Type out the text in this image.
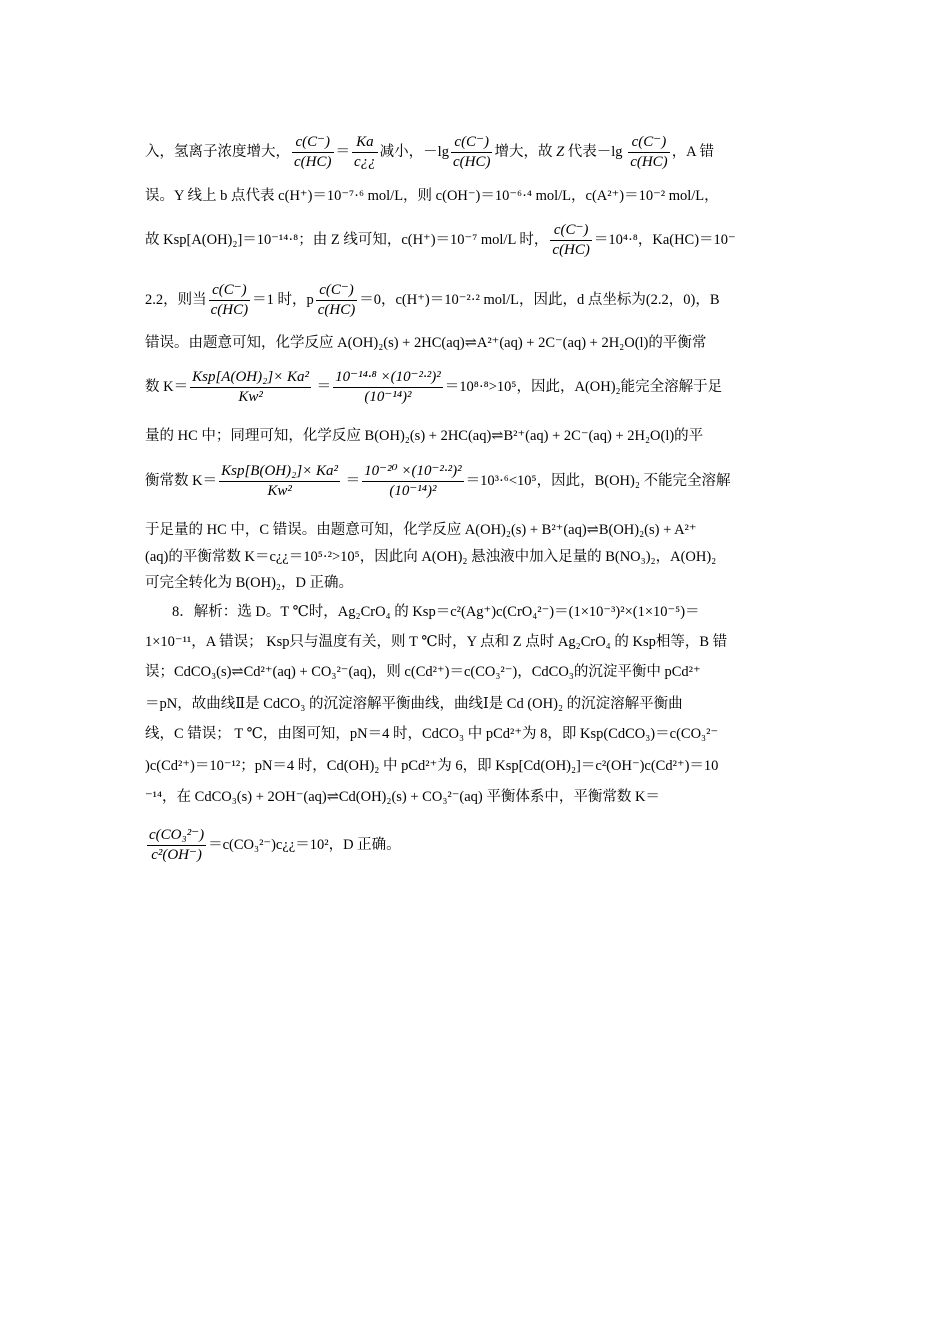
入，氢离子浓度增大， $\frac{c(C^-)}{c(HC)} = \frac{Ka}{c¿¿}$ 减小，$-\lg \frac{c(C^-)}{c(HC)}$ 增大，故 Z 代表$-\lg \frac{c(C^-)}{c(HC)}$ ，A 错
误。Y 线上 b 点代表 c(H⁺)＝10⁻⁷·⁶ mol/L，则 c(OH⁻)＝10⁻⁶·⁴ mol/L，c(A²⁺)＝10⁻² mol/L，
故 Ksp[A(OH)₂]＝10⁻¹⁴·⁸；由 Z 线可知，c(H⁺)＝10⁻⁷ mol/L 时， $\frac{c(C^-)}{c(HC)} =10^4\cdot^8$，Ka(HC)＝10⁻
2.2，则当 $\frac{c(C^-)}{c(HC)} =1$ 时，p $\frac{c(C^-)}{c(HC)} =0$，c(H⁺)＝10⁻²·² mol/L，因此，d 点坐标为(2.2，0)，B
错误。由题意可知，化学反应 A(OH)₂(s) + 2HC(aq)⇌A²⁺(aq) + 2C⁻(aq) + 2H₂O(l)的平衡常
数 $K= \frac{\text{Ksp[A(OH)₂]× Ka²}}{\text{Kw²}} = \frac{\text{10⁻¹⁴·⁸ ×(10⁻²·²)²}}{\text{(10⁻¹⁴)²}} =10^8\cdot^8>10^5$，因此，A(OH)₂能完全溶解于足
量的 HC 中；同理可知，化学反应 B(OH)₂(s) + 2HC(aq)⇌B²⁺(aq) + 2C⁻(aq) + 2H₂O(l)的平
衡常数 $K= \frac{\text{Ksp[B(OH)₂]× Ka²}}{\text{Kw²}} = \frac{\text{10⁻²⁰ ×(10⁻²·²)²}}{\text{(10⁻¹⁴)²}} =10^3\cdot^6<10^5$，因此，B(OH)₂ 不能完全溶解
于足量的 HC 中，C 错误。由题意可知，化学反应 A(OH)₂(s) + B²⁺(aq)⇌B(OH)₂(s) + A²⁺
(aq)的平衡常数 K＝c¿¿＝10⁵·²>10⁵，因此向 A(OH)₂ 悬浊液中加入足量的 B(NO₃)₂，A(OH)₂
可完全转化为 B(OH)₂，D 正确。
8．解析：选 D。T ℃时，Ag₂CrO₄ 的 Ksp＝c²(Ag⁺)c(CrO₄²⁻)＝(1×10⁻³)²×(1×10⁻⁵)＝
1×10⁻¹¹，A 错误； Ksp只与温度有关，则 T ℃时，Y 点和 Z 点时 Ag₂CrO₄ 的 Ksp相等，B 错
误；CdCO₃(s)⇌Cd²⁺(aq) + CO₃²⁻(aq)，则 c(Cd²⁺)＝c(CO₃²⁻)，CdCO₃的沉淀平衡中 pCd²⁺
＝pN，故曲线Ⅱ是 CdCO₃ 的沉淀溶解平衡曲线，曲线Ⅰ是 Cd (OH)₂ 的沉淀溶解平衡曲
线，C 错误； T ℃，由图可知，pN＝4 时，CdCO₃ 中 pCd²⁺为 8，即 Ksp(CdCO₃)＝c(CO₃²⁻
)c(Cd²⁺)＝10⁻¹²；pN＝4 时，Cd(OH)₂ 中 pCd²⁺为 6，即 Ksp[Cd(OH)₂]＝c²(OH⁻)c(Cd²⁺)＝10
⁻¹⁴，在 CdCO₃(s) + 2OH⁻(aq)⇌Cd(OH)₂(s) + CO₃²⁻(aq) 平衡体系中，平衡常数 K＝
$\frac{\text{c(CO₃²⁻)}}{\text{c²(OH⁻)}}$ ＝c(CO₃²⁻)c¿¿＝10²，D 正确。
